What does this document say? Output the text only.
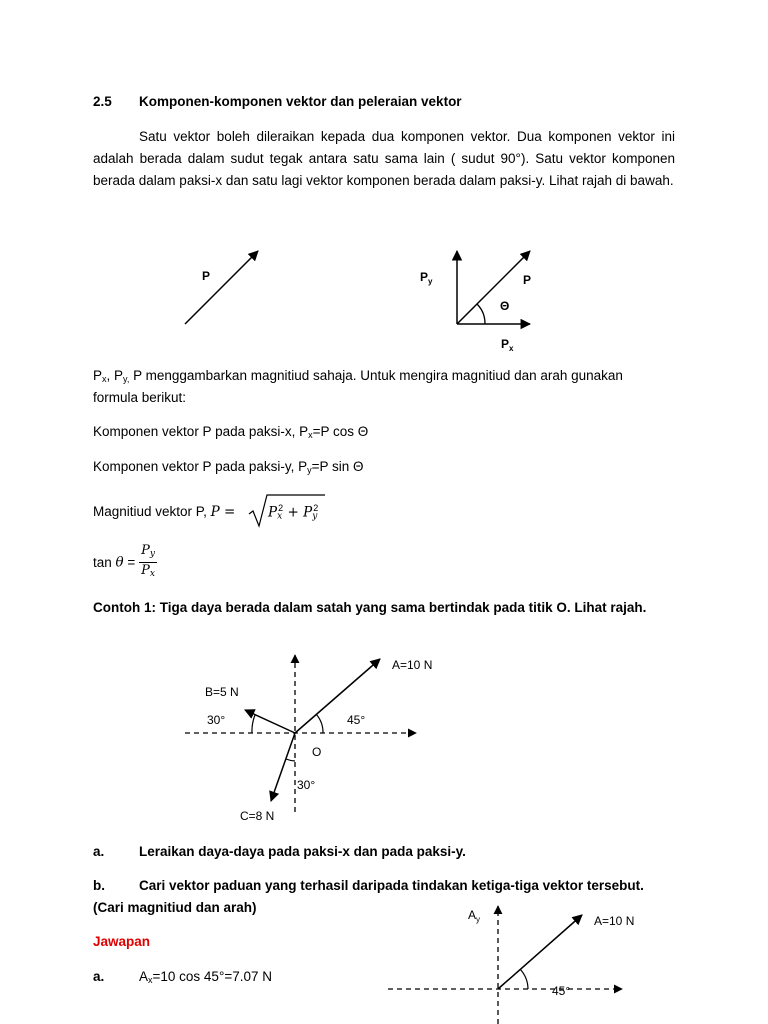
2.5 Komponen-komponen vektor dan peleraian vektor
Satu vektor boleh dileraikan kepada dua komponen vektor. Dua komponen vektor ini adalah berada dalam sudut tegak antara satu sama lain ( sudut 90°). Satu vektor komponen berada dalam paksi-x dan satu lagi vektor komponen berada dalam paksi-y. Lihat rajah di bawah.
P	$P_y$	P
Θ
$P_x$
$P_x$, $P_{y,}$ P menggambarkan magnitiud sahaja. Untuk mengira magnitiud dan arah gunakan
formula berikut:
Komponen vektor P pada paksi-x, $P_x=P$ cos Θ
Komponen vektor P pada paksi-y, $P_y=P$ sin Θ
Magnitiud vektor P, $P = P_x^2 + P_y^2$
$\tan \theta = \frac{P_y}{P_x}$
Contoh 1: Tiga daya berada dalam satah yang sama bertindak pada titik O. Lihat rajah.
A=10 N
B=5 N
C=8 N
30°	45°
30°
O
a.	Leraikan daya-daya pada paksi-x dan pada paksi-y.
b.	Cari vektor paduan yang terhasil daripada tindakan ketiga-tiga vektor tersebut.
(Cari magnitiud dan arah)
Jawapan
a.	$A_x=10$ cos 45°=7.07 N
$A_y$	A=10 N
45°
